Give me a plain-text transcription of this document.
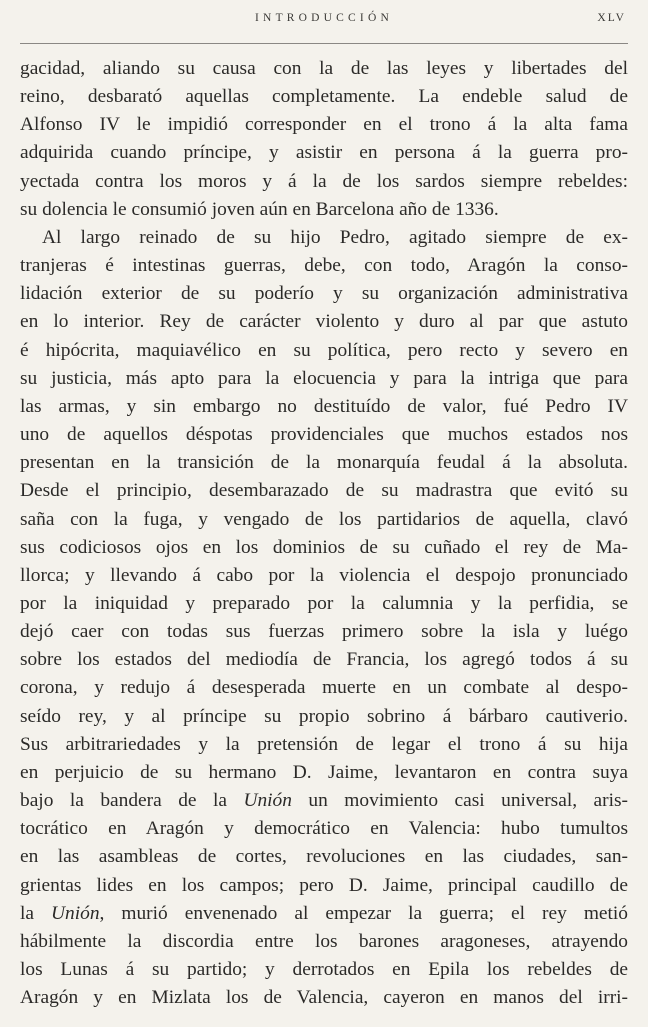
INTRODUCCIÓN	XLV
gacidad, aliando su causa con la de las leyes y libertades del
reino, desbarató aquellas completamente. La endeble salud de
Alfonso IV le impidió corresponder en el trono á la alta fama
adquirida cuando príncipe, y asistir en persona á la guerra pro-
yectada contra los moros y á la de los sardos siempre rebeldes:
su dolencia le consumió joven aún en Barcelona año de 1336.
Al largo reinado de su hijo Pedro, agitado siempre de ex-
tranjeras é intestinas guerras, debe, con todo, Aragón la conso-
lidación exterior de su poderío y su organización administrativa
en lo interior. Rey de carácter violento y duro al par que astuto
é hipócrita, maquiavélico en su política, pero recto y severo en
su justicia, más apto para la elocuencia y para la intriga que para
las armas, y sin embargo no destituído de valor, fué Pedro IV
uno de aquellos déspotas providenciales que muchos estados nos
presentan en la transición de la monarquía feudal á la absoluta.
Desde el principio, desembarazado de su madrastra que evitó su
saña con la fuga, y vengado de los partidarios de aquella, clavó
sus codiciosos ojos en los dominios de su cuñado el rey de Ma-
llorca; y llevando á cabo por la violencia el despojo pronunciado
por la iniquidad y preparado por la calumnia y la perfidia, se
dejó caer con todas sus fuerzas primero sobre la isla y luégo
sobre los estados del mediodía de Francia, los agregó todos á su
corona, y redujo á desesperada muerte en un combate al despo-
seído rey, y al príncipe su propio sobrino á bárbaro cautiverio.
Sus arbitrariedades y la pretensión de legar el trono á su hija
en perjuicio de su hermano D. Jaime, levantaron en contra suya
bajo la bandera de la Unión un movimiento casi universal, aris-
tocrático en Aragón y democrático en Valencia: hubo tumultos
en las asambleas de cortes, revoluciones en las ciudades, san-
grientas lides en los campos; pero D. Jaime, principal caudillo de
la Unión, murió envenenado al empezar la guerra; el rey metió
hábilmente la discordia entre los barones aragoneses, atrayendo
los Lunas á su partido; y derrotados en Epila los rebeldes de
Aragón y en Mizlata los de Valencia, cayeron en manos del irri-
